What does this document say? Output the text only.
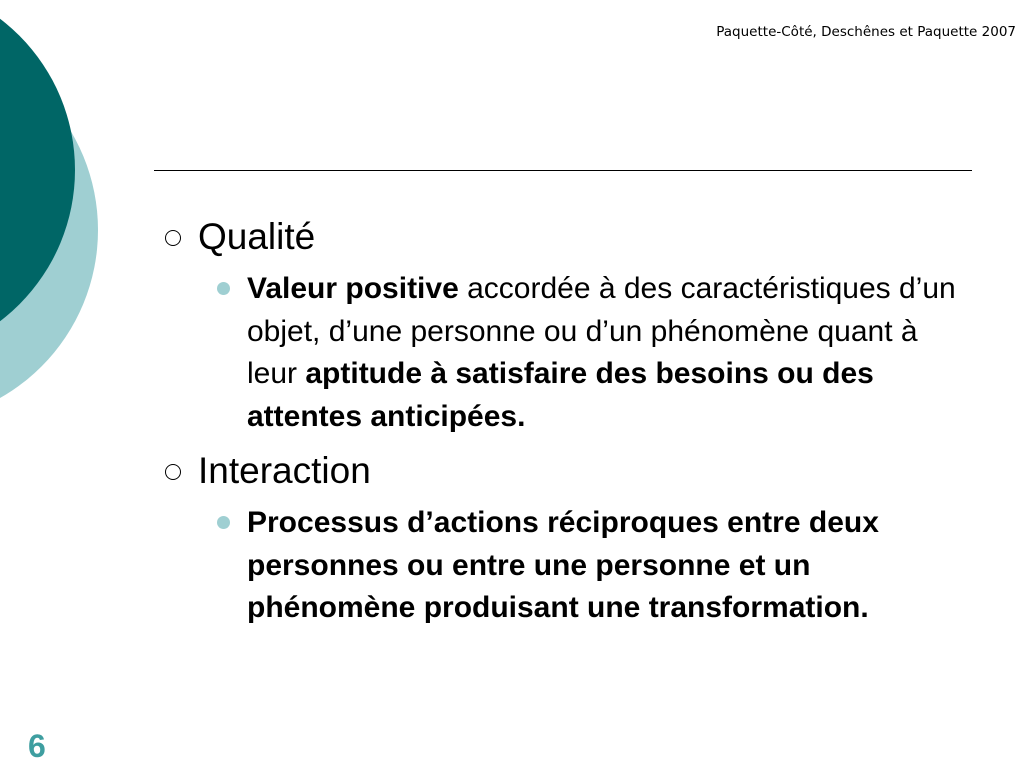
Paquette-Côté, Deschênes et Paquette 2007
Qualité
Valeur positive accordée à des caractéristiques d’un objet, d’une personne ou d’un phénomène quant à leur aptitude à satisfaire des besoins ou des attentes anticipées.
Interaction
Processus d’actions réciproques entre deux personnes ou entre une personne et un phénomène produisant une transformation.
6
